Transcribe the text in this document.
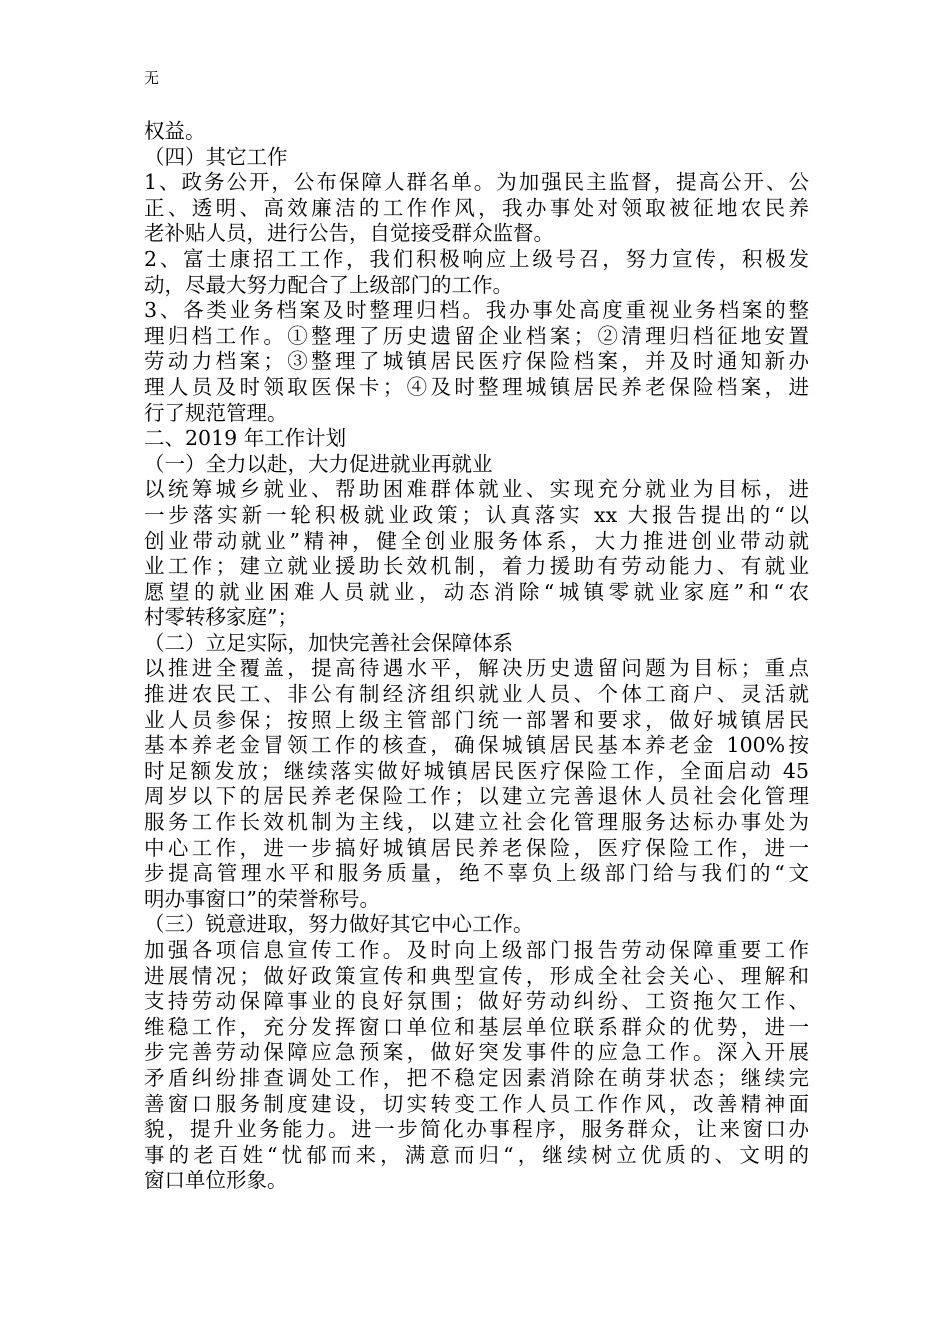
无
权益。
（四）其它工作
1、政务公开，公布保障人群名单。为加强民主监督，提高公开、公
正、透明、高效廉洁的工作作风，我办事处对领取被征地农民养
老补贴人员，进行公告，自觉接受群众监督。
2、富士康招工工作，我们积极响应上级号召，努力宣传，积极发
动，尽最大努力配合了上级部门的工作。
3、各类业务档案及时整理归档。我办事处高度重视业务档案的整
理归档工作。①整理了历史遗留企业档案；②清理归档征地安置
劳动力档案；③整理了城镇居民医疗保险档案，并及时通知新办
理人员及时领取医保卡；④及时整理城镇居民养老保险档案，进
行了规范管理。
二、2019 年工作计划
（一）全力以赴，大力促进就业再就业
以统筹城乡就业、帮助困难群体就业、实现充分就业为目标，进
一步落实新一轮积极就业政策；认真落实 xx 大报告提出的“以
创业带动就业”精神，健全创业服务体系，大力推进创业带动就
业工作；建立就业援助长效机制，着力援助有劳动能力、有就业
愿望的就业困难人员就业，动态消除“城镇零就业家庭”和“农
村零转移家庭”；
（二）立足实际，加快完善社会保障体系
以推进全覆盖，提高待遇水平，解决历史遗留问题为目标；重点
推进农民工、非公有制经济组织就业人员、个体工商户、灵活就
业人员参保；按照上级主管部门统一部署和要求，做好城镇居民
基本养老金冒领工作的核查，确保城镇居民基本养老金 100%按
时足额发放；继续落实做好城镇居民医疗保险工作，全面启动 45
周岁以下的居民养老保险工作；以建立完善退休人员社会化管理
服务工作长效机制为主线，以建立社会化管理服务达标办事处为
中心工作，进一步搞好城镇居民养老保险，医疗保险工作，进一
步提高管理水平和服务质量，绝不辜负上级部门给与我们的“文
明办事窗口”的荣誉称号。
（三）锐意进取，努力做好其它中心工作。
加强各项信息宣传工作。及时向上级部门报告劳动保障重要工作
进展情况；做好政策宣传和典型宣传，形成全社会关心、理解和
支持劳动保障事业的良好氛围；做好劳动纠纷、工资拖欠工作、
维稳工作，充分发挥窗口单位和基层单位联系群众的优势，进一
步完善劳动保障应急预案，做好突发事件的应急工作。深入开展
矛盾纠纷排查调处工作，把不稳定因素消除在萌芽状态；继续完
善窗口服务制度建设，切实转变工作人员工作作风，改善精神面
貌，提升业务能力。进一步简化办事程序，服务群众，让来窗口办
事的老百姓“忧郁而来，满意而归“，继续树立优质的、文明的
窗口单位形象。
